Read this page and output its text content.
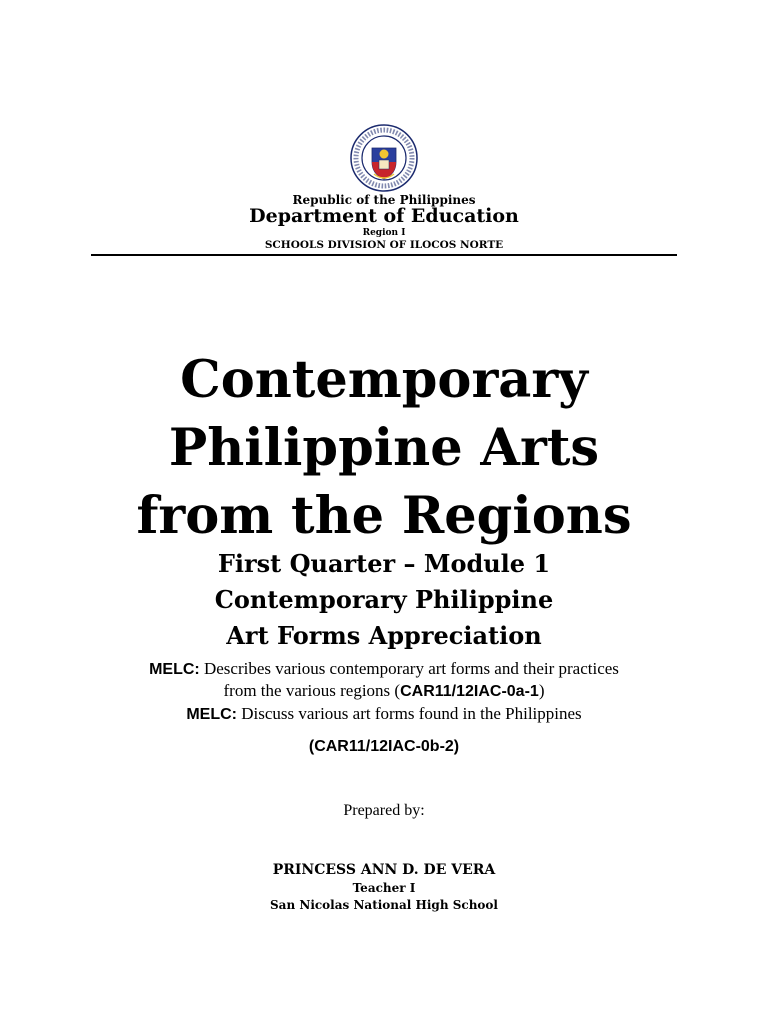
Republic of the Philippines
Department of Education
Region I
SCHOOLS DIVISION OF ILOCOS NORTE
Contemporary
Philippine Arts
from the Regions
First Quarter – Module 1
Contemporary Philippine
Art Forms Appreciation
MELC: Describes various contemporary art forms and their practices
from the various regions (CAR11/12IAC-0a-1)
MELC: Discuss various art forms found in the Philippines
(CAR11/12IAC-0b-2)
Prepared by:
PRINCESS ANN D. DE VERA
Teacher I
San Nicolas National High School
